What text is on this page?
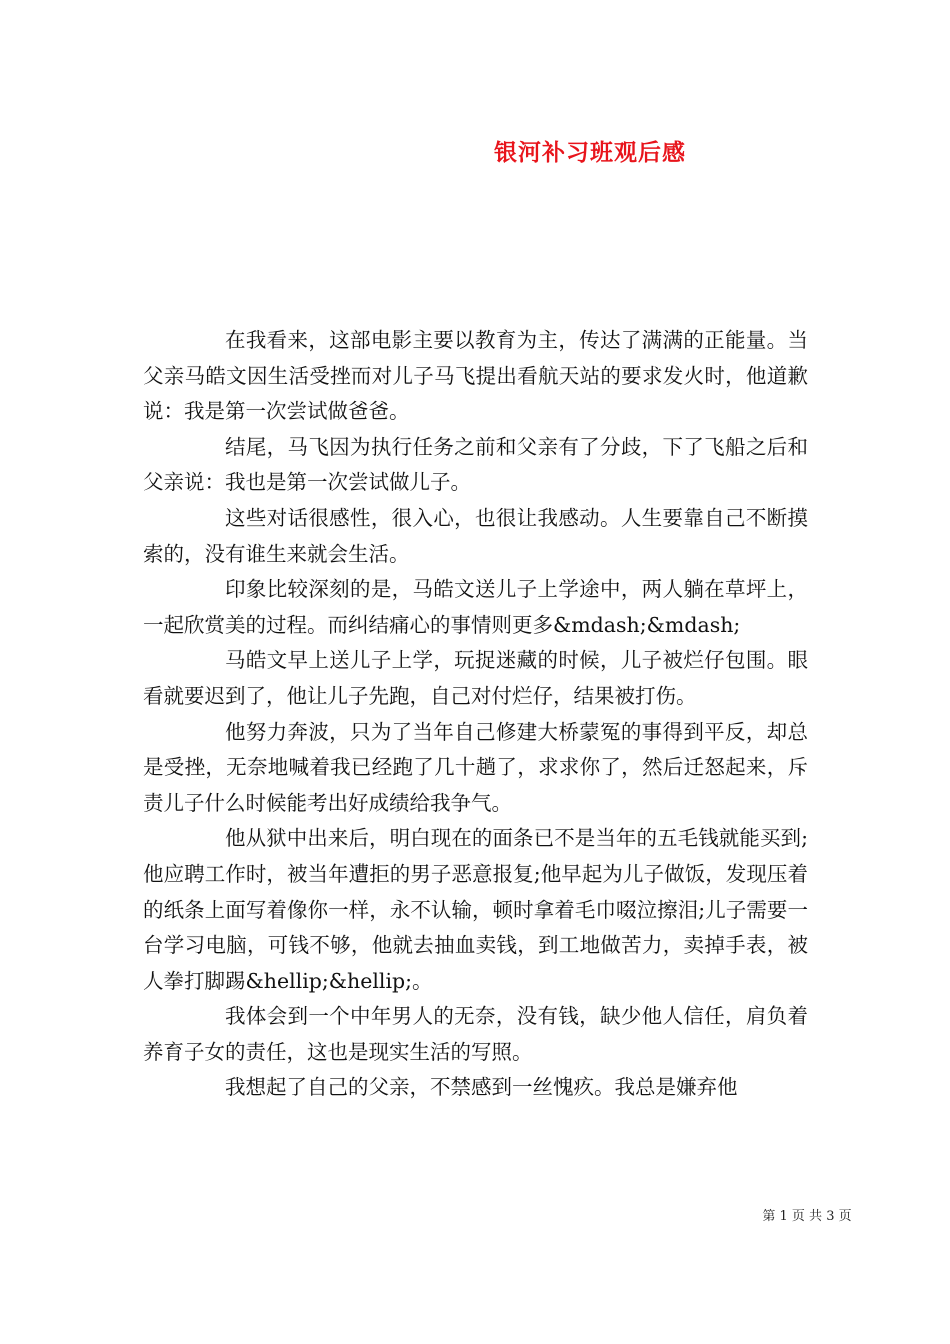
银河补习班观后感

在我看来，这部电影主要以教育为主，传达了满满的正能量。当父亲马皓文因生活受挫而对儿子马飞提出看航天站的要求发火时，他道歉说：我是第一次尝试做爸爸。

结尾，马飞因为执行任务之前和父亲有了分歧，下了飞船之后和父亲说：我也是第一次尝试做儿子。

这些对话很感性，很入心，也很让我感动。人生要靠自己不断摸索的，没有谁生来就会生活。

印象比较深刻的是，马皓文送儿子上学途中，两人躺在草坪上，一起欣赏美的过程。而纠结痛心的事情则更多&mdash;&mdash;

马皓文早上送儿子上学，玩捉迷藏的时候，儿子被烂仔包围。眼看就要迟到了，他让儿子先跑，自己对付烂仔，结果被打伤。

他努力奔波，只为了当年自己修建大桥蒙冤的事得到平反，却总是受挫，无奈地喊着我已经跑了几十趟了，求求你了，然后迁怒起来，斥责儿子什么时候能考出好成绩给我争气。

他从狱中出来后，明白现在的面条已不是当年的五毛钱就能买到;他应聘工作时，被当年遭拒的男子恶意报复;他早起为儿子做饭，发现压着的纸条上面写着像你一样，永不认输，顿时拿着毛巾啜泣擦泪;儿子需要一台学习电脑，可钱不够，他就去抽血卖钱，到工地做苦力，卖掉手表，被人拳打脚踢&hellip;&hellip;。

我体会到一个中年男人的无奈，没有钱，缺少他人信任，肩负着养育子女的责任，这也是现实生活的写照。

我想起了自己的父亲，不禁感到一丝愧疚。我总是嫌弃他

第 1 页 共 3 页
